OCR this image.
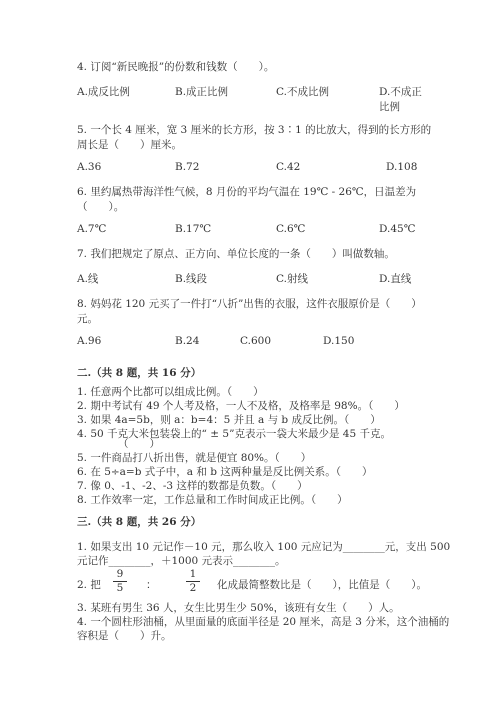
4. 订阅“新民晚报”的份数和钱数（　　）。
A.成反比例	B.成正比例	C.不成比例	D.不成正比例
5. 一个长 4 厘米，宽 3 厘米的长方形，按 3∶1 的比放大，得到的长方形的周长是（　　）厘米。
A.36	B.72	C.42	D.108
6. 里约属热带海洋性气候，8 月份的平均气温在 19℃ - 26℃，日温差为（　　）。
A.7℃	B.17℃	C.6℃	D.45℃
7. 我们把规定了原点、正方向、单位长度的一条（　　）叫做数轴。
A.线	B.线段	C.射线	D.直线
8. 妈妈花 120 元买了一件打“八折”出售的衣服，这件衣服原价是（　　）元。
A.96	B.24	C.600	D.150
二.（共 8 题，共 16 分）
1. 任意两个比都可以组成比例。（　　）
2. 期中考试有 49 个人考及格，一人不及格，及格率是 98%。（　　）
3. 如果 4a=5b，则 a：b=4：5 并且 a 与 b 成反比例。（　　）
4. 50 千克大米包装袋上的“ ± 5”克表示一袋大米最少是 45 千克。
（　　）
5. 一件商品打八折出售，就是便宜 80%。（　　）
6. 在 5÷a=b 式子中，a 和 b 这两种量是反比例关系。（　　）
7. 像 0、-1、-2、-3 这样的数都是负数。（　　）
8. 工作效率一定，工作总量和工作时间成正比例。（　　）
三.（共 8 题，共 26 分）
1. 如果支出 10 元记作－10 元，那么收入 100 元应记为________元，支出 500
元记作________，＋1000 元表示________。
2. 把 $\frac{9}{5}$ ：	$\frac{1}{2}$ 化成最简整数比是（　　），比值是（　　）。
3. 某班有男生 36 人，女生比男生少 50%，该班有女生（　　）人。
4. 一个圆柱形油桶，从里面量的底面半径是 20 厘米，高是 3 分米，这个油桶的
容积是（　　）升。
